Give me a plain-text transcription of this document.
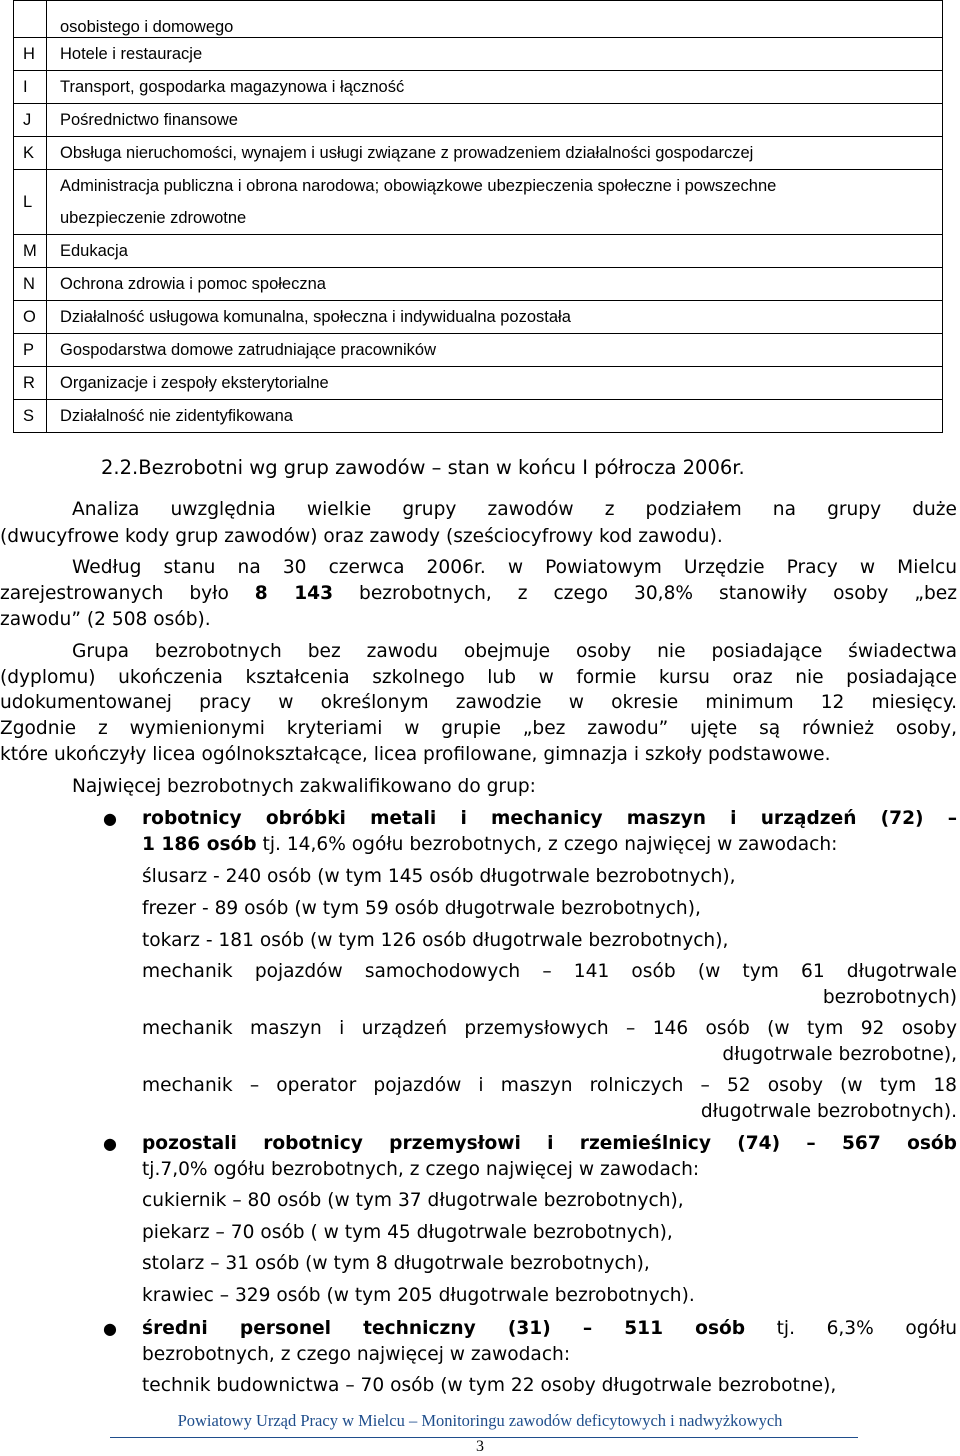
	osobistego i domowego
H	Hotele i restauracje
I	Transport, gospodarka magazynowa i łączność
J	Pośrednictwo finansowe
K	Obsługa nieruchomości, wynajem i usługi związane z prowadzeniem działalności gospodarczej
L	Administracja publiczna i obrona narodowa; obowiązkowe ubezpieczenia społeczne i powszechne
ubezpieczenie zdrowotne

M	Edukacja
N	Ochrona zdrowia i pomoc społeczna
O	Działalność usługowa komunalna, społeczna i indywidualna pozostała
P	Gospodarstwa domowe zatrudniające pracowników
R	Organizacje i zespoły eksterytorialne
S	Działalność nie zidentyfikowana
2.2.Bezrobotni wg grup zawodów – stan w końcu I półrocza 2006r.
Analiza uwzględnia wielkie grupy zawodów z podziałem na grupy duże
(dwucyfrowe kody grup zawodów) oraz zawody (sześciocyfrowy kod zawodu).
Według stanu na 30 czerwca 2006r. w Powiatowym Urzędzie Pracy w Mielcu
zarejestrowanych było 8 143 bezrobotnych, z czego 30,8% stanowiły osoby „bez
zawodu” (2 508 osób).
Grupa bezrobotnych bez zawodu obejmuje osoby nie posiadające świadectwa
(dyplomu) ukończenia kształcenia szkolnego lub w formie kursu oraz nie posiadające
udokumentowanej pracy w określonym zawodzie w okresie minimum 12 miesięcy.
Zgodnie z wymienionymi kryteriami w grupie „bez zawodu” ujęte są również osoby,
które ukończyły licea ogólnokształcące, licea profilowane, gimnazja i szkoły podstawowe.
Najwięcej bezrobotnych zakwalifikowano do grup:
● robotnicy obróbki metali i mechanicy maszyn i urządzeń (72) –
1 186 osób tj. 14,6% ogółu bezrobotnych, z czego najwięcej w zawodach:
ślusarz - 240 osób (w tym 145 osób długotrwale bezrobotnych),
frezer - 89 osób (w tym 59 osób długotrwale bezrobotnych),
tokarz - 181 osób (w tym 126 osób długotrwale bezrobotnych),
mechanik pojazdów samochodowych – 141 osób (w tym 61 długotrwale
bezrobotnych)
mechanik maszyn i urządzeń przemysłowych – 146 osób (w tym 92 osoby
długotrwale bezrobotne),
mechanik – operator pojazdów i maszyn rolniczych – 52 osoby (w tym 18
długotrwale bezrobotnych).
● pozostali robotnicy przemysłowi i rzemieślnicy (74) – 567 osób
tj.7,0% ogółu bezrobotnych, z czego najwięcej w zawodach:
cukiernik – 80 osób (w tym 37 długotrwale bezrobotnych),
piekarz – 70 osób ( w tym 45 długotrwale bezrobotnych),
stolarz – 31 osób (w tym 8 długotrwale bezrobotnych),
krawiec – 329 osób (w tym 205 długotrwale bezrobotnych).
● średni personel techniczny (31) – 511 osób tj. 6,3% ogółu
bezrobotnych, z czego najwięcej w zawodach:
technik budownictwa – 70 osób (w tym 22 osoby długotrwale bezrobotne),
Powiatowy Urząd Pracy w Mielcu – Monitoringu zawodów deficytowych i nadwyżkowych
3
